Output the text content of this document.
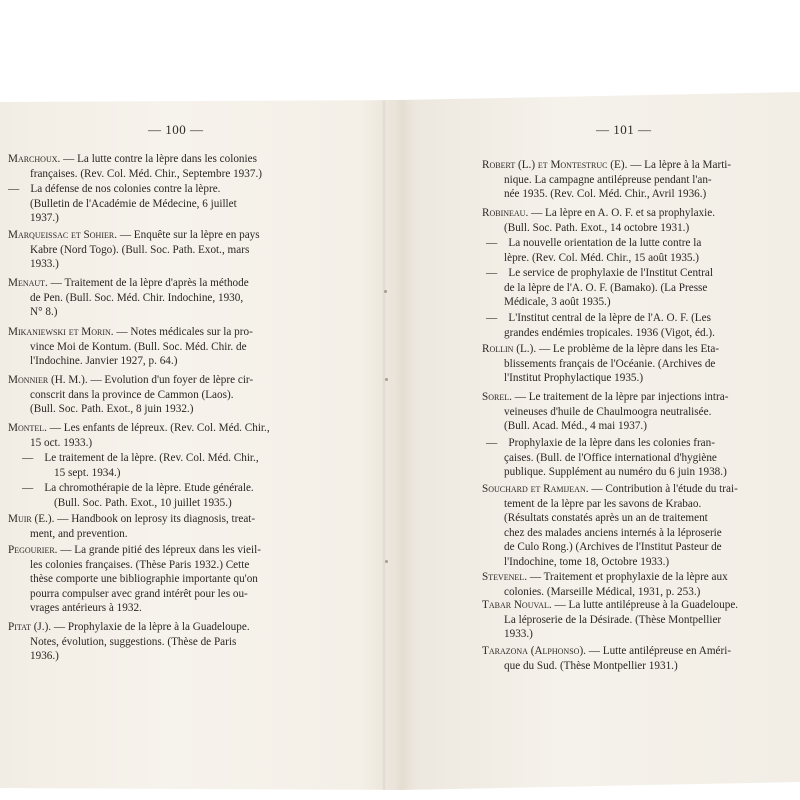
— 100 —
Marchoux. — La lutte contre la lèpre dans les colonies
françaises. (Rev. Col. Méd. Chir., Septembre 1937.)
— La défense de nos colonies contre la lèpre.
(Bulletin de l'Académie de Médecine, 6 juillet
1937.)
Marqueissac et Sohier. — Enquête sur la lèpre en pays
Kabre (Nord Togo). (Bull. Soc. Path. Exot., mars
1933.)
Menaut. — Traitement de la lèpre d'après la méthode
de Pen. (Bull. Soc. Méd. Chir. Indochine, 1930,
N° 8.)
Mikaniewski et Morin. — Notes médicales sur la pro-
vince Moi de Kontum. (Bull. Soc. Méd. Chir. de
l'Indochine. Janvier 1927, p. 64.)
Monnier (H. M.). — Evolution d'un foyer de lèpre cir-
conscrit dans la province de Cammon (Laos).
(Bull. Soc. Path. Exot., 8 juin 1932.)
Montel. — Les enfants de lépreux. (Rev. Col. Méd. Chir.,
15 oct. 1933.)
— Le traitement de la lèpre. (Rev. Col. Méd. Chir.,
15 sept. 1934.)
— La chromothérapie de la lèpre. Etude générale.
(Bull. Soc. Path. Exot., 10 juillet 1935.)
Muir (E.). — Handbook on leprosy its diagnosis, treat-
ment, and prevention.
Pegourier. — La grande pitié des lépreux dans les vieil-
les colonies françaises. (Thèse Paris 1932.) Cette
thèse comporte une bibliographie importante qu'on
pourra compulser avec grand intérêt pour les ou-
vrages antérieurs à 1932.
Pitat (J.). — Prophylaxie de la lèpre à la Guadeloupe.
Notes, évolution, suggestions. (Thèse de Paris
1936.)
— 101 —
Robert (L.) et Montestruc (E). — La lèpre à la Marti-
nique. La campagne antilépreuse pendant l'an-
née 1935. (Rev. Col. Méd. Chir., Avril 1936.)
Robineau. — La lèpre en A. O. F. et sa prophylaxie.
(Bull. Soc. Path. Exot., 14 octobre 1931.)
— La nouvelle orientation de la lutte contre la
lèpre. (Rev. Col. Méd. Chir., 15 août 1935.)
— Le service de prophylaxie de l'Institut Central
de la lèpre de l'A. O. F. (Bamako). (La Presse
Médicale, 3 août 1935.)
— L'Institut central de la lèpre de l'A. O. F. (Les
grandes endémies tropicales. 1936 (Vigot, éd.).
Rollin (L.). — Le problème de la lèpre dans les Eta-
blissements français de l'Océanie. (Archives de
l'Institut Prophylactique 1935.)
Sorel. — Le traitement de la lèpre par injections intra-
veineuses d'huile de Chaulmoogra neutralisée.
(Bull. Acad. Méd., 4 mai 1937.)
— Prophylaxie de la lèpre dans les colonies fran-
çaises. (Bull. de l'Office international d'hygiène
publique. Supplément au numéro du 6 juin 1938.)
Souchard et Ramijean. — Contribution à l'étude du trai-
tement de la lèpre par les savons de Krabao.
(Résultats constatés après un an de traitement
chez des malades anciens internés à la léproserie
de Culo Rong.) (Archives de l'Institut Pasteur de
l'Indochine, tome 18, Octobre 1933.)
Stevenel. — Traitement et prophylaxie de la lèpre aux
colonies. (Marseille Médical, 1931, p. 253.)
Tabar Nouval. — La lutte antilépreuse à la Guadeloupe.
La léproserie de la Désirade. (Thèse Montpellier
1933.)
Tarazona (Alphonso). — Lutte antilépreuse en Améri-
que du Sud. (Thèse Montpellier 1931.)
